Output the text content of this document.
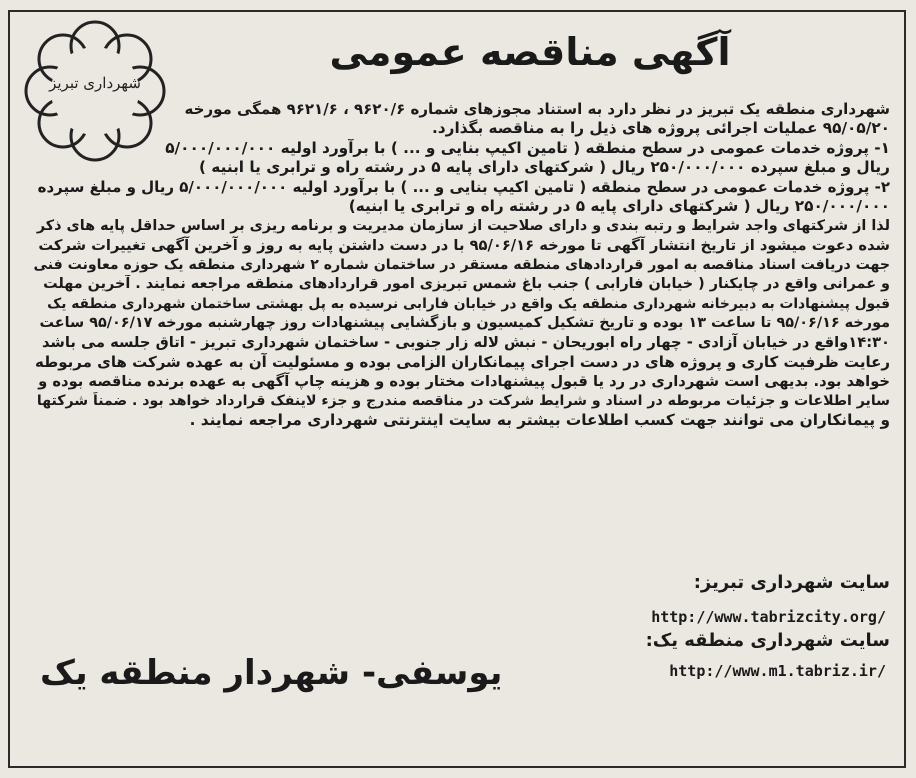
شهرداری تبریز
آگهی مناقصه عمومی
شهرداری منطقه یک تبریز در نظر دارد به استناد مجوزهای شماره ۹۶۲۰/۶ ، ۹۶۲۱/۶ همگی مورخه
۹۵/۰۵/۲۰ عملیات اجرائی پروژه های ذیل را به مناقصه بگذارد.
۱- پروژه خدمات عمومی در سطح منطقه ( تامین اکیپ بنایی و ... ) با برآورد اولیه ۵/۰۰۰/۰۰۰/۰۰۰
ریال و مبلغ سپرده ۲۵۰/۰۰۰/۰۰۰ ریال ( شرکتهای دارای پایه ۵ در رشته راه و ترابری یا ابنیه )
۲- پروژه خدمات عمومی در سطح منطقه ( تامین اکیپ بنایی و ... ) با برآورد اولیه ۵/۰۰۰/۰۰۰/۰۰۰ ریال و مبلغ سپرده
۲۵۰/۰۰۰/۰۰۰ ریال ( شرکتهای دارای پایه ۵ در رشته راه و ترابری یا ابنیه)
لذا از شرکتهای واجد شرایط و رتبه بندی و دارای صلاحیت از سازمان مدیریت و برنامه ریزی بر اساس حداقل پایه های ذکر
شده دعوت میشود از تاریخ انتشار آگهی تا مورخه ۹۵/۰۶/۱۶ با در دست داشتن پایه به روز و آخرین آگهی تغییرات شرکت
جهت دریافت اسناد مناقصه به امور قراردادهای منطقه مستقر در ساختمان شماره ۲ شهرداری منطقه یک حوزه معاونت فنی
و عمرانی واقع در چایکنار ( خیابان فارابی ) جنب باغ شمس تبریزی امور قراردادهای منطقه مراجعه نمایند . آخرین مهلت
قبول پیشنهادات به دبیرخانه شهرداری منطقه یک واقع در خیابان فارابی نرسیده به پل بهشتی ساختمان شهرداری منطقه یک
مورخه ۹۵/۰۶/۱۶ تا ساعت ۱۳ بوده و تاریخ تشکیل کمیسیون و بازگشایی پیشنهادات روز چهارشنبه مورخه ۹۵/۰۶/۱۷ ساعت
۱۴:۳۰واقع در خیابان آزادی - چهار راه ابوریحان - نبش لاله زار جنوبی - ساختمان شهرداری تبریز - اتاق جلسه می باشد
رعایت ظرفیت کاری و پروژه های در دست اجرای پیمانکاران الزامی بوده و مسئولیت آن به عهده شرکت های مربوطه
خواهد بود. بدیهی است شهرداری در رد یا قبول پیشنهادات مختار بوده و هزینه چاپ آگهی به عهده برنده مناقصه بوده و
سایر اطلاعات و جزئیات مربوطه در اسناد و شرایط شرکت در مناقصه مندرج و جزء لاینفک قرارداد خواهد بود . ضمناً شرکتها
و پیمانکاران می توانند جهت کسب اطلاعات بیشتر به سایت اینترنتی شهرداری مراجعه نمایند .
سایت شهرداری تبریز:
http://www.tabrizcity.org/
سایت شهرداری منطقه یک:
http://www.m1.tabriz.ir/
یوسفی- شهردار منطقه یک
